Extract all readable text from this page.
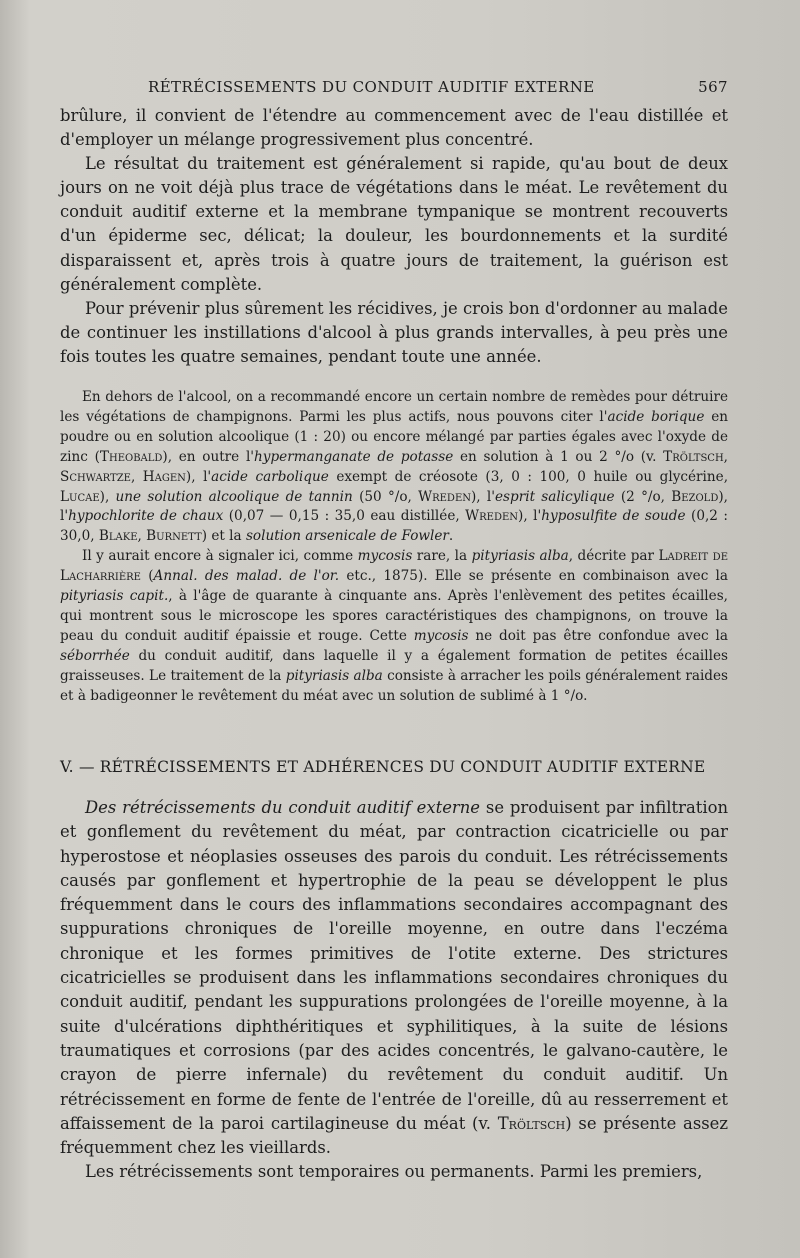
RÉTRÉCISSEMENTS DU CONDUIT AUDITIF EXTERNE	567

brûlure, il convient de l'étendre au commencement avec de l'eau distillée et d'employer un mélange progressivement plus concentré.

Le résultat du traitement est généralement si rapide, qu'au bout de deux jours on ne voit déjà plus trace de végétations dans le méat. Le revêtement du conduit auditif externe et la membrane tympanique se montrent recouverts d'un épiderme sec, délicat; la douleur, les bourdonnements et la surdité disparaissent et, après trois à quatre jours de traitement, la guérison est généralement complète.

Pour prévenir plus sûrement les récidives, je crois bon d'ordonner au malade de continuer les instillations d'alcool à plus grands intervalles, à peu près une fois toutes les quatre semaines, pendant toute une année.

En dehors de l'alcool, on a recommandé encore un certain nombre de remèdes pour détruire les végétations de champignons. Parmi les plus actifs, nous pouvons citer l'acide borique en poudre ou en solution alcoolique (1 : 20) ou encore mélangé par parties égales avec l'oxyde de zinc (Theobald), en outre l'hypermanganate de potasse en solution à 1 ou 2 °/o (v. Tröltsch, Schwartze, Hagen), l'acide carbolique exempt de créosote (3, 0 : 100, 0 huile ou glycérine, Lucae), une solution alcoolique de tannin (50 °/o, Wreden), l'esprit salicylique (2 °/o, Bezold), l'hypochlorite de chaux (0,07 — 0,15 : 35,0 eau distillée, Wreden), l'hyposulfite de soude (0,2 : 30,0, Blake, Burnett) et la solution arsenicale de Fowler.

Il y aurait encore à signaler ici, comme mycosis rare, la pityriasis alba, décrite par Ladreit de Lacharrière (Annal. des malad. de l'or. etc., 1875). Elle se présente en combinaison avec la pityriasis capit., à l'âge de quarante à cinquante ans. Après l'enlèvement des petites écailles, qui montrent sous le microscope les spores caractéristiques des champignons, on trouve la peau du conduit auditif épaissie et rouge. Cette mycosis ne doit pas être confondue avec la séborrhée du conduit auditif, dans laquelle il y a également formation de petites écailles graisseuses. Le traitement de la pityriasis alba consiste à arracher les poils généralement raides et à badigeonner le revêtement du méat avec un solution de sublimé à 1 °/o.

V. — RÉTRÉCISSEMENTS ET ADHÉRENCES DU CONDUIT AUDITIF EXTERNE

Des rétrécissements du conduit auditif externe se produisent par infiltration et gonflement du revêtement du méat, par contraction cicatricielle ou par hyperostose et néoplasies osseuses des parois du conduit. Les rétrécissements causés par gonflement et hypertrophie de la peau se développent le plus fréquemment dans le cours des inflammations secondaires accompagnant des suppurations chroniques de l'oreille moyenne, en outre dans l'eczéma chronique et les formes primitives de l'otite externe. Des strictures cicatricielles se produisent dans les inflammations secondaires chroniques du conduit auditif, pendant les suppurations prolongées de l'oreille moyenne, à la suite d'ulcérations diphthéritiques et syphilitiques, à la suite de lésions traumatiques et corrosions (par des acides concentrés, le galvano-cautère, le crayon de pierre infernale) du revêtement du conduit auditif. Un rétrécissement en forme de fente de l'entrée de l'oreille, dû au resserrement et affaissement de la paroi cartilagineuse du méat (v. Tröltsch) se présente assez fréquemment chez les vieillards.

Les rétrécissements sont temporaires ou permanents. Parmi les premiers,
